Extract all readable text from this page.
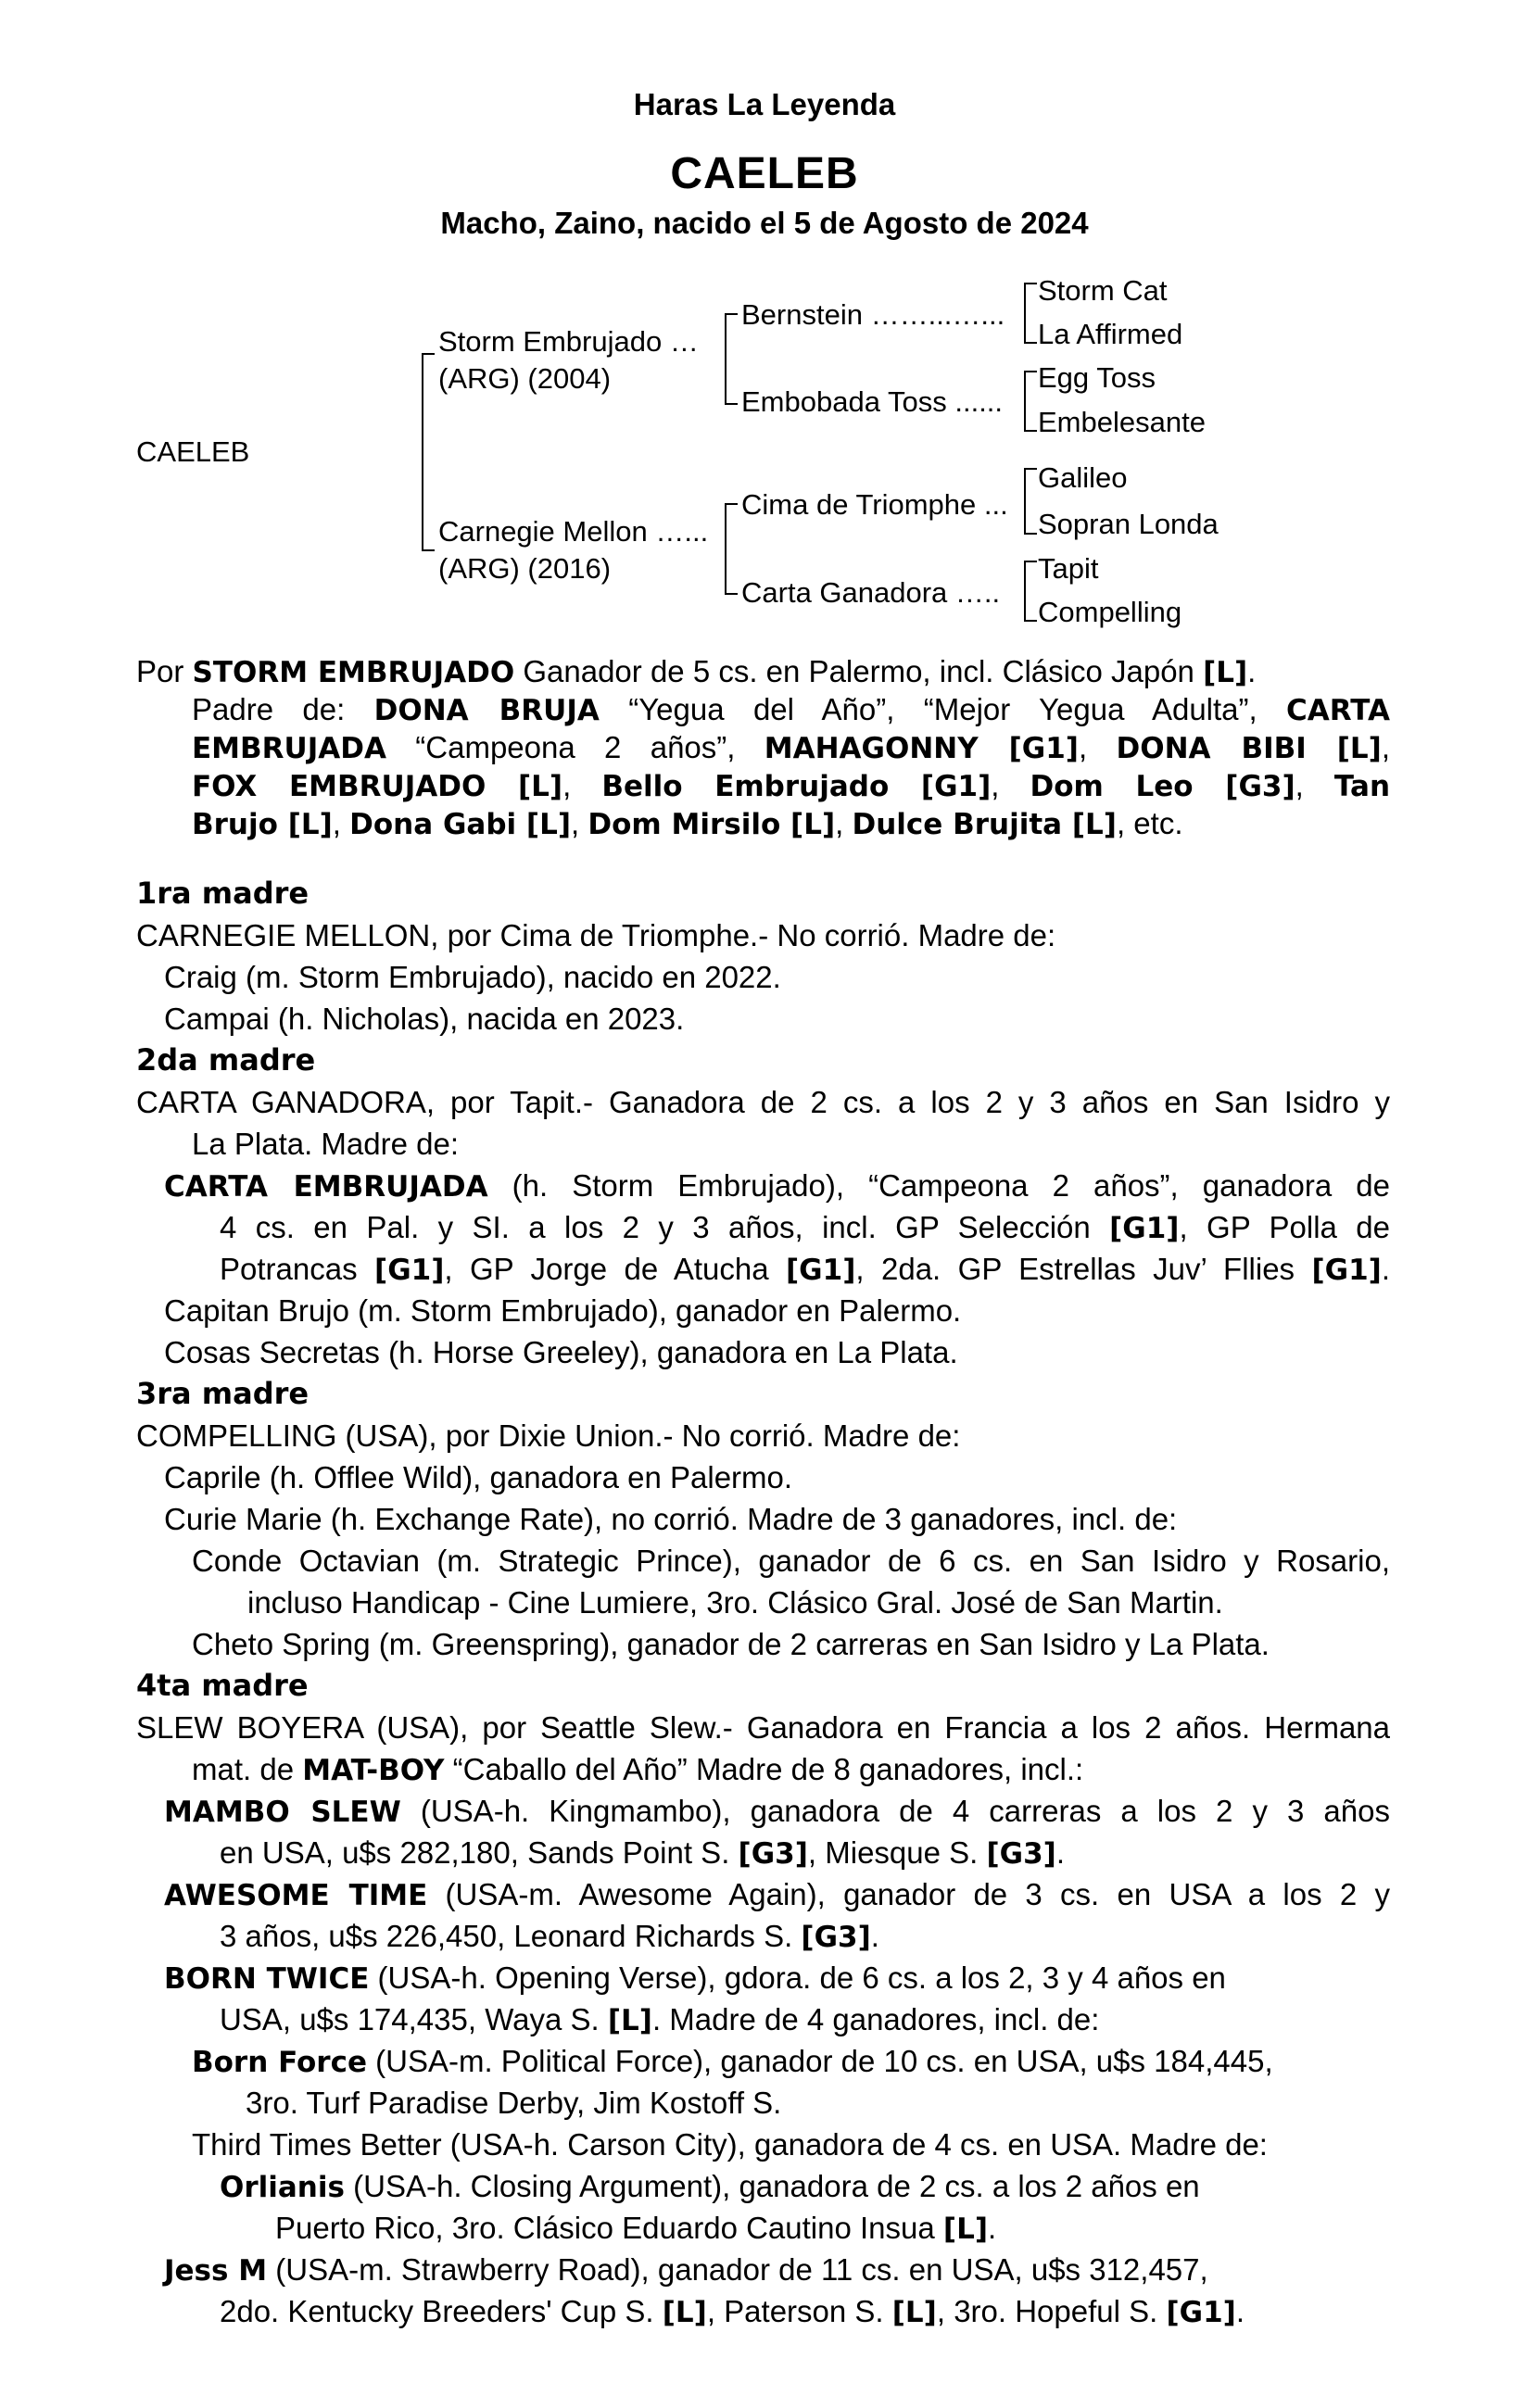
Haras La Leyenda
CAELEB
Macho, Zaino, nacido el 5 de Agosto de 2024
CAELEB
Storm Embrujado …
(ARG) (2004)
Carnegie Mellon …...
(ARG) (2016)
Bernstein ……...…...
Embobada Toss ......
Cima de Triomphe ...
Carta Ganadora …..
Storm Cat
La Affirmed
Egg Toss
Embelesante
Galileo
Sopran Londa
Tapit
Compelling
Por STORM EMBRUJADO Ganador de 5 cs. en Palermo, incl. Clásico Japón [L].
Padre de: DONA BRUJA “Yegua del Año”, “Mejor Yegua Adulta”, CARTA
EMBRUJADA “Campeona 2 años”, MAHAGONNY [G1], DONA BIBI [L],
FOX EMBRUJADO [L], Bello Embrujado [G1], Dom Leo [G3], Tan
Brujo [L], Dona Gabi [L], Dom Mirsilo [L], Dulce Brujita [L], etc.
1ra madre
CARNEGIE MELLON, por Cima de Triomphe.- No corrió. Madre de:
Craig (m. Storm Embrujado), nacido en 2022.
Campai (h. Nicholas), nacida en 2023.
2da madre
CARTA GANADORA, por Tapit.- Ganadora de 2 cs. a los 2 y 3 años en San Isidro y
La Plata. Madre de:
CARTA EMBRUJADA (h. Storm Embrujado), “Campeona 2 años”, ganadora de
4 cs. en Pal. y SI. a los 2 y 3 años, incl. GP Selección [G1], GP Polla de
Potrancas [G1], GP Jorge de Atucha [G1], 2da. GP Estrellas Juv’ Fllies [G1].
Capitan Brujo (m. Storm Embrujado), ganador en Palermo.
Cosas Secretas (h. Horse Greeley), ganadora en La Plata.
3ra madre
COMPELLING (USA), por Dixie Union.- No corrió. Madre de:
Caprile (h. Offlee Wild), ganadora en Palermo.
Curie Marie (h. Exchange Rate), no corrió. Madre de 3 ganadores, incl. de:
Conde Octavian (m. Strategic Prince), ganador de 6 cs. en San Isidro y Rosario,
incluso Handicap - Cine Lumiere, 3ro. Clásico Gral. José de San Martin.
Cheto Spring (m. Greenspring), ganador de 2 carreras en San Isidro y La Plata.
4ta madre
SLEW BOYERA (USA), por Seattle Slew.- Ganadora en Francia a los 2 años. Hermana
mat. de MAT-BOY “Caballo del Año” Madre de 8 ganadores, incl.:
MAMBO SLEW (USA-h. Kingmambo), ganadora de 4 carreras a los 2 y 3 años
en USA, u$s 282,180, Sands Point S. [G3], Miesque S. [G3].
AWESOME TIME (USA-m. Awesome Again), ganador de 3 cs. en USA a los 2 y
3 años, u$s 226,450, Leonard Richards S. [G3].
BORN TWICE (USA-h. Opening Verse), gdora. de 6 cs. a los 2, 3 y 4 años en
USA, u$s 174,435, Waya S. [L]. Madre de 4 ganadores, incl. de:
Born Force (USA-m. Political Force), ganador de 10 cs. en USA, u$s 184,445,
3ro. Turf Paradise Derby, Jim Kostoff S.
Third Times Better (USA-h. Carson City), ganadora de 4 cs. en USA. Madre de:
Orlianis (USA-h. Closing Argument), ganadora de 2 cs. a los 2 años en
Puerto Rico, 3ro. Clásico Eduardo Cautino Insua [L].
Jess M (USA-m. Strawberry Road), ganador de 11 cs. en USA, u$s 312,457,
2do. Kentucky Breeders' Cup S. [L], Paterson S. [L], 3ro. Hopeful S. [G1].
